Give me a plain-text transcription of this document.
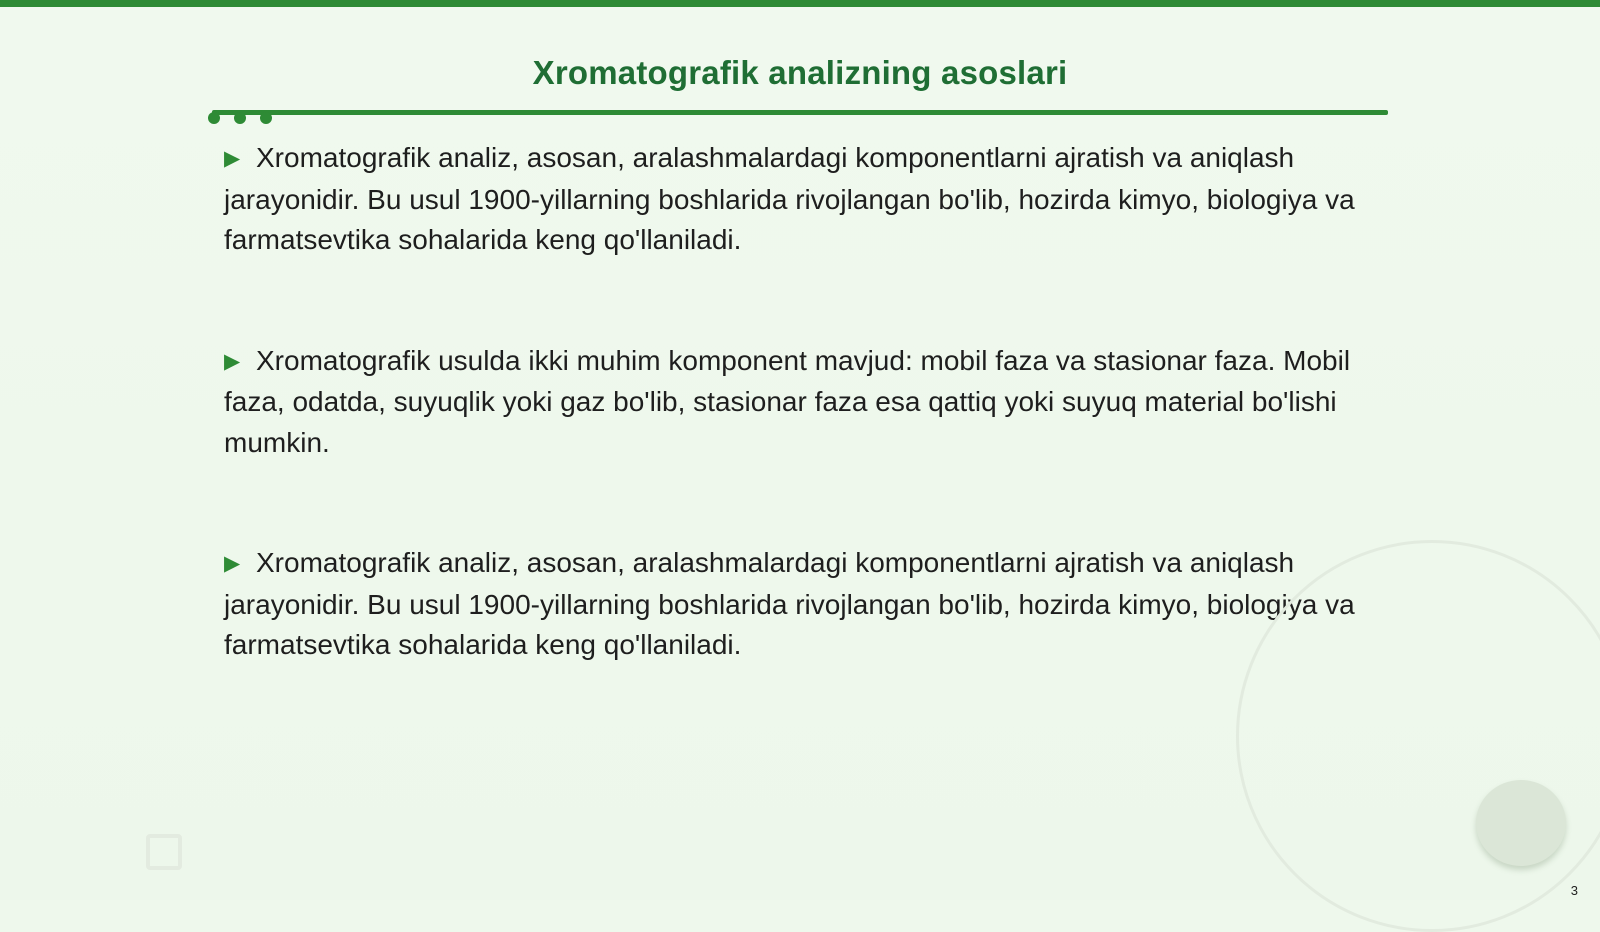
Xromatografik analizning asoslari

▶ Xromatografik analiz, asosan, aralashmalardagi komponentlarni ajratish va aniqlash jarayonidir. Bu usul 1900-yillarning boshlarida rivojlangan bo'lib, hozirda kimyo, biologiya va farmatsevtika sohalarida keng qo'llaniladi.

▶ Xromatografik usulda ikki muhim komponent mavjud: mobil faza va stasionar faza. Mobil faza, odatda, suyuqlik yoki gaz bo'lib, stasionar faza esa qattiq yoki suyuq material bo'lishi mumkin.

▶ Xromatografik analiz, asosan, aralashmalardagi komponentlarni ajratish va aniqlash jarayonidir. Bu usul 1900-yillarning boshlarida rivojlangan bo'lib, hozirda kimyo, biologiya va farmatsevtika sohalarida keng qo'llaniladi.

3
